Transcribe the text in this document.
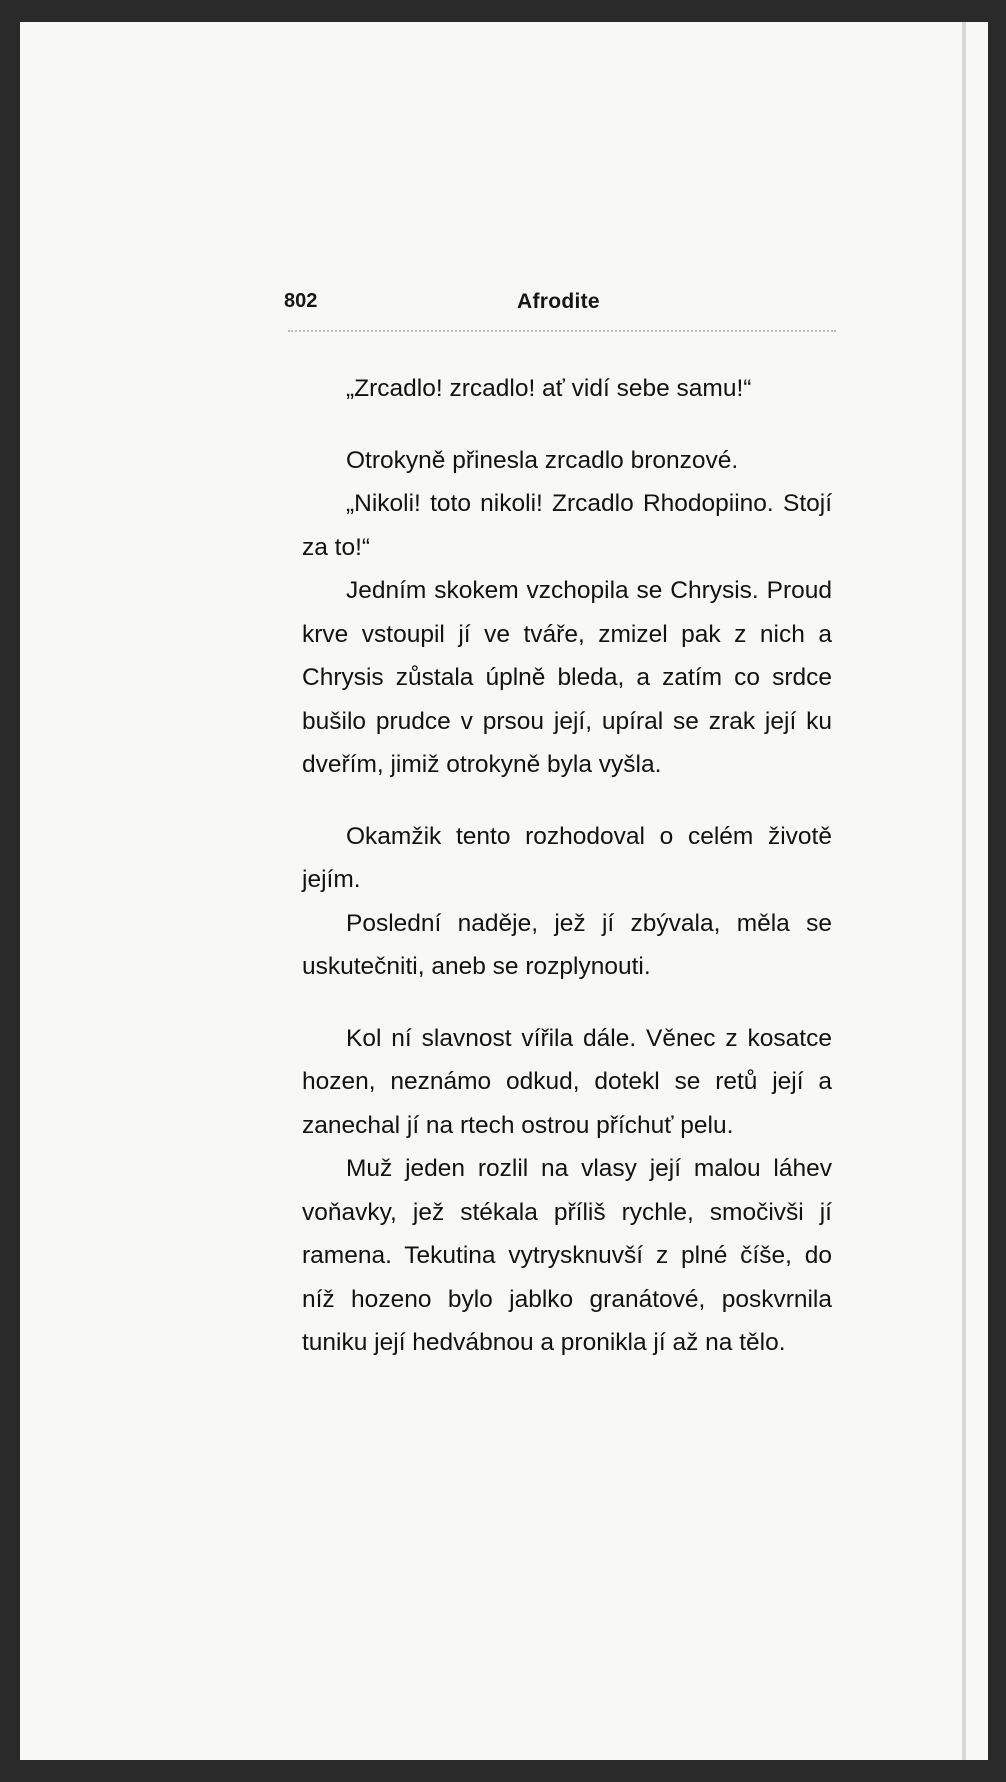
802	Afrodite

„Zrcadlo! zrcadlo! ať vidí sebe samu!“

Otrokyně přinesla zrcadlo bronzové.

„Nikoli! toto nikoli! Zrcadlo Rhodopiino. Stojí za to!“

Jedním skokem vzchopila se Chrysis. Proud krve vstoupil jí ve tváře, zmizel pak z nich a Chrysis zůstala úplně bleda, a zatím co srdce bušilo prudce v prsou její, upíral se zrak její ku dveřím, jimiž otrokyně byla vyšla.

Okamžik tento rozhodoval o celém životě jejím.

Poslední naděje, jež jí zbývala, měla se uskutečniti, aneb se rozplynouti.

Kol ní slavnost vířila dále. Věnec z kosatce hozen, neznámo odkud, dotekl se retů její a zanechal jí na rtech ostrou příchuť pelu.

Muž jeden rozlil na vlasy její malou láhev voňavky, jež stékala příliš rychle, smočivši jí ramena. Tekutina vytrysknuvší z plné číše, do níž hozeno bylo jablko granátové, poskvrnila tuniku její hedvábnou a pronikla jí až na tělo.
